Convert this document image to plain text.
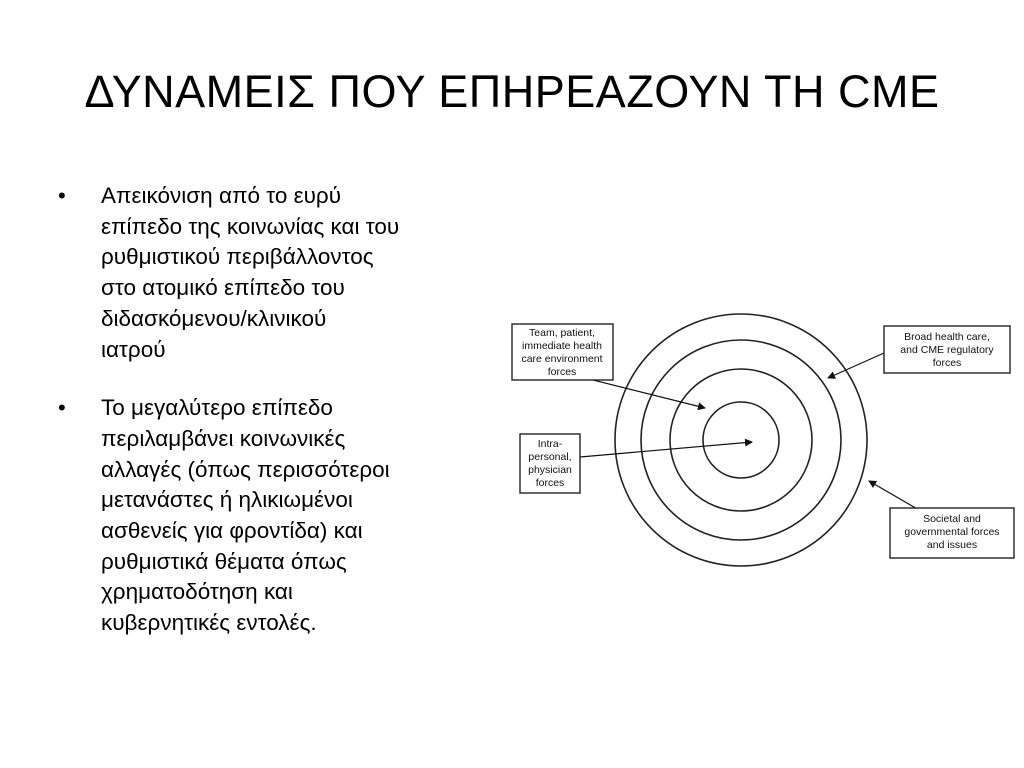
ΔΥΝΑΜΕΙΣ ΠΟΥ ΕΠΗΡΕΑΖΟΥΝ ΤΗ CME
• Απεικόνιση από το ευρύ
επίπεδο της κοινωνίας και του
ρυθμιστικού περιβάλλοντος
στο ατομικό επίπεδο του
διδασκόμενου/κλινικού
ιατρού
• Το μεγαλύτερο επίπεδο
περιλαμβάνει κοινωνικές
αλλαγές (όπως περισσότεροι
μετανάστες ή ηλικιωμένοι
ασθενείς για φροντίδα) και
ρυθμιστικά θέματα όπως
χρηματοδότηση και
κυβερνητικές εντολές.
Team, patient,
immediate health
care environment
forces
Intra-
personal,
physician
forces
Broad health care,
and CME regulatory
forces
Societal and
governmental forces
and issues
